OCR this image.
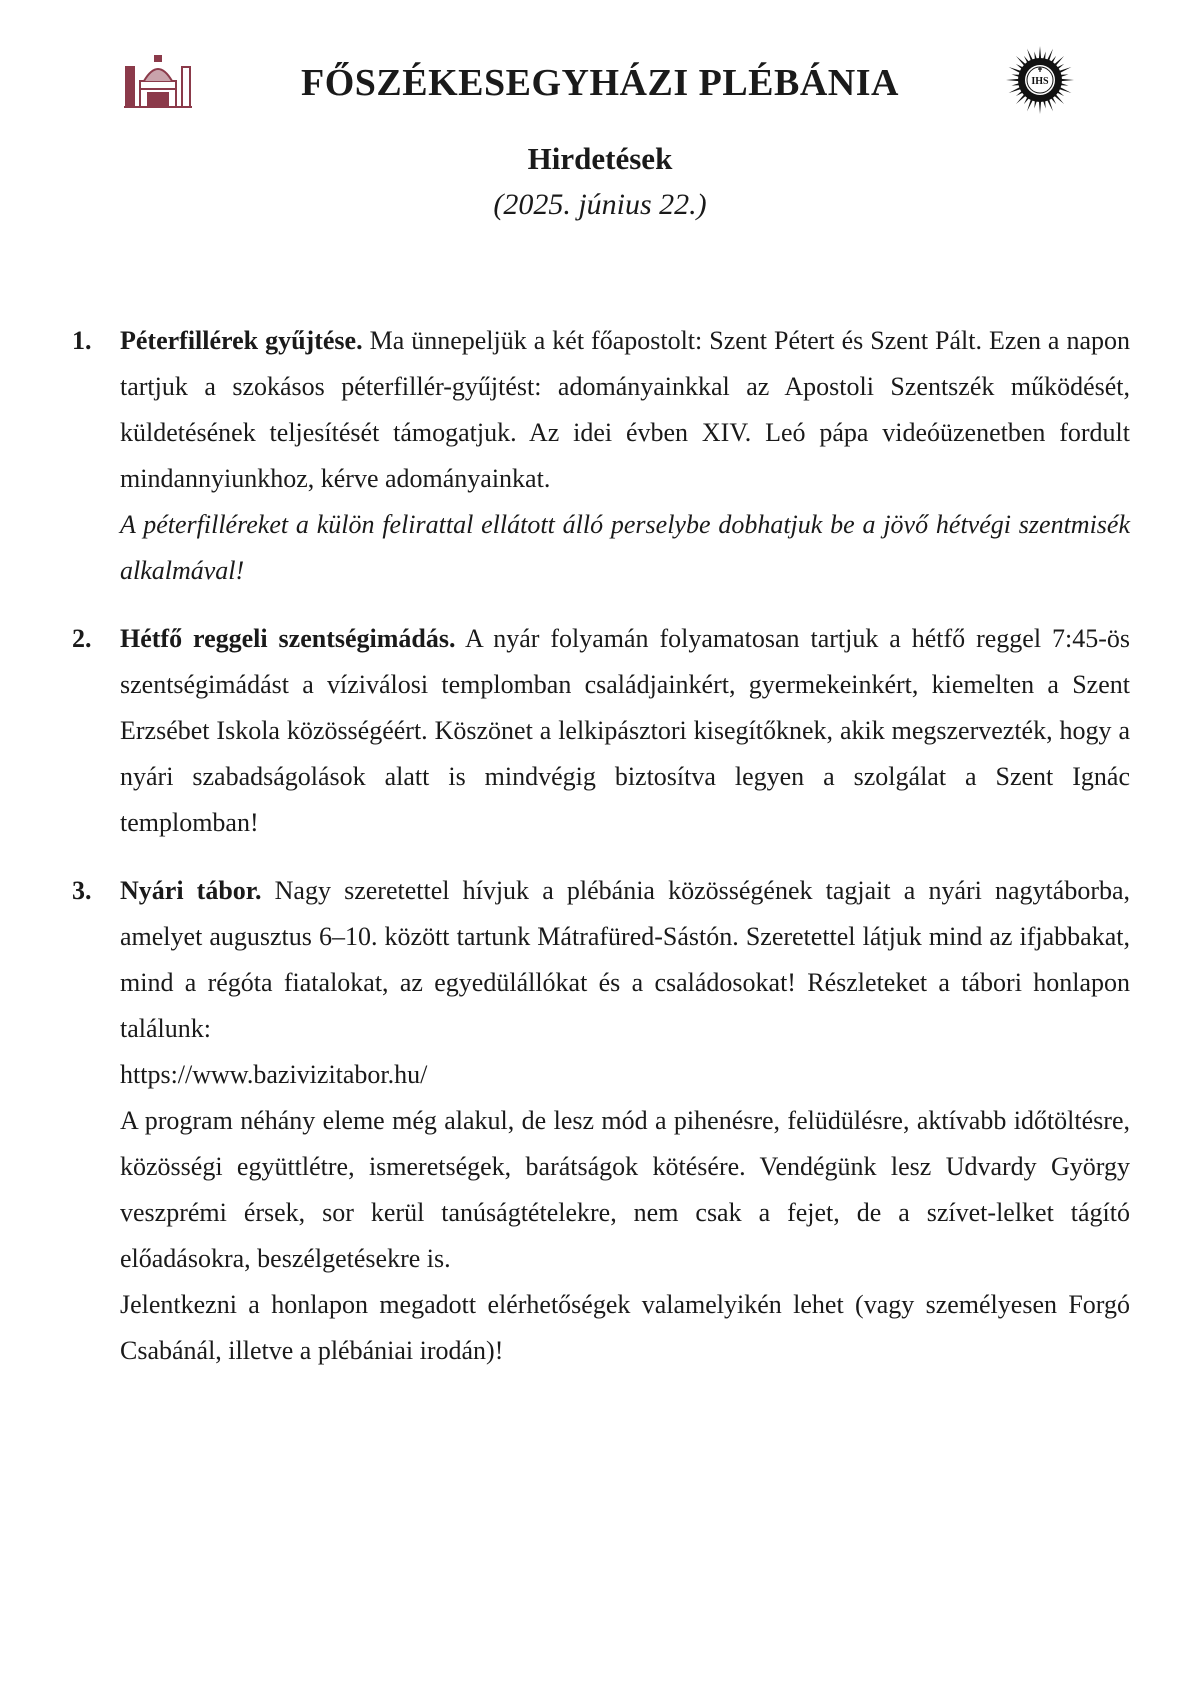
FŐSZÉKESEGYHÁZI PLÉBÁNIA	IHS
Hirdetések
(2025. június 22.)
1. Péterfillérek gyűjtése. Ma ünnepeljük a két főapostolt: Szent Pétert és Szent Pált. Ezen a napon tartjuk a szokásos péterfillér-gyűjtést: adományainkkal az Apostoli Szentszék működését, küldetésének teljesítését támogatjuk. Az idei évben XIV. Leó pápa videóüzenetben fordult mindannyiunkhoz, kérve adományainkat.

A péterfilléreket a külön felirattal ellátott álló perselybe dobhatjuk be a jövő hétvégi szentmisék alkalmával!

2. Hétfő reggeli szentségimádás. A nyár folyamán folyamatosan tartjuk a hétfő reggel 7:45-ös szentségimádást a víziválosi templomban családjainkért, gyermekeinkért, kiemelten a Szent Erzsébet Iskola közösségéért. Köszönet a lelkipásztori kisegítőknek, akik megszervezték, hogy a nyári szabadságolások alatt is mindvégig biztosítva legyen a szolgálat a Szent Ignác templomban!

3. Nyári tábor. Nagy szeretettel hívjuk a plébánia közösségének tagjait a nyári nagytáborba, amelyet augusztus 6–10. között tartunk Mátrafüred-Sástón. Szeretettel látjuk mind az ifjabbakat, mind a régóta fiatalokat, az egyedülállókat és a családosokat! Részleteket a tábori honlapon találunk:

https://www.bazivizitabor.hu/

A program néhány eleme még alakul, de lesz mód a pihenésre, felüdülésre, aktívabb időtöltésre, közösségi együttlétre, ismeretségek, barátságok kötésére. Vendégünk lesz Udvardy György veszprémi érsek, sor kerül tanúságtételekre, nem csak a fejet, de a szívet-lelket tágító előadásokra, beszélgetésekre is.

Jelentkezni a honlapon megadott elérhetőségek valamelyikén lehet (vagy személyesen Forgó Csabánál, illetve a plébániai irodán)!
